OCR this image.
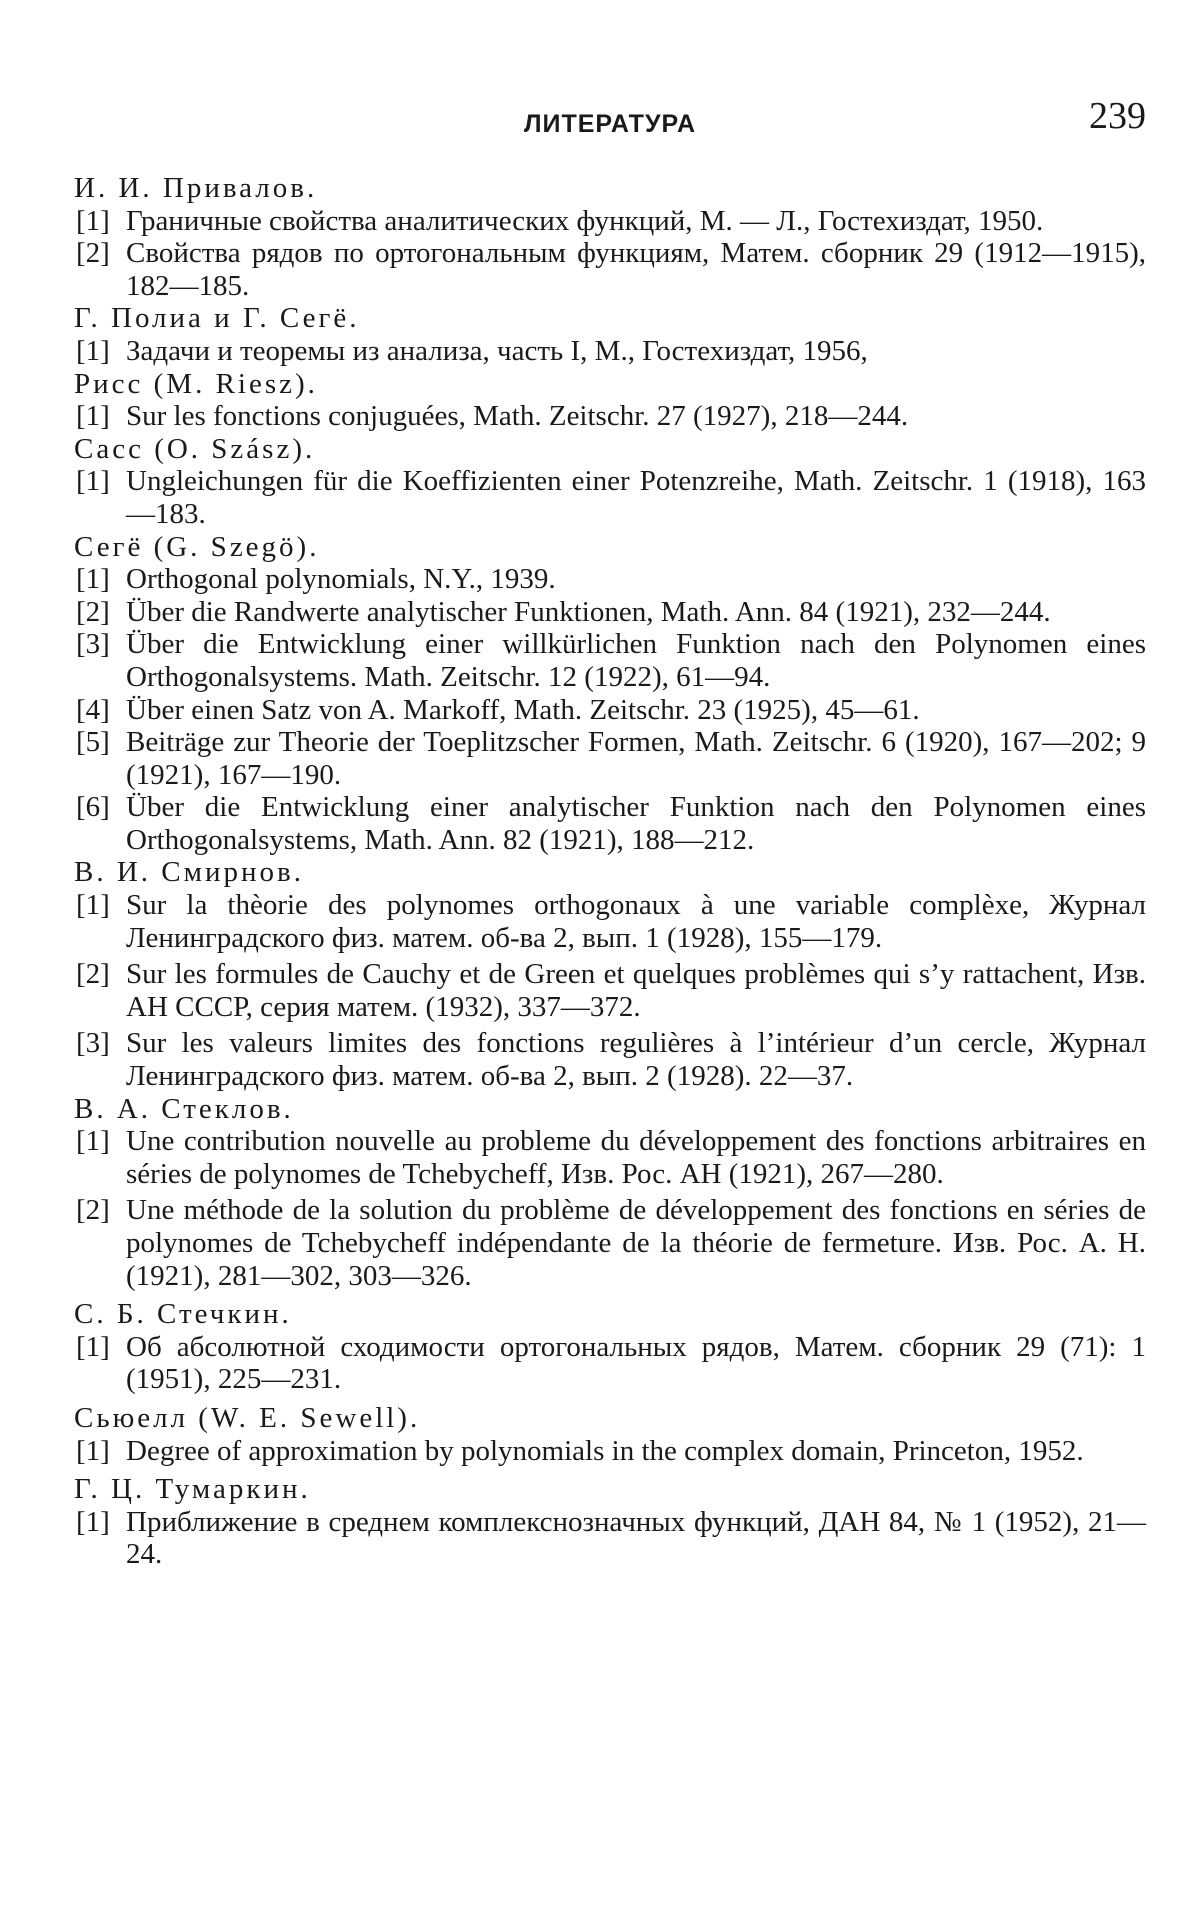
ЛИТЕРАТУРА	239
И. И. Привалов.
[1] Граничные свойства аналитических функций, М. — Л., Гостехиздат, 1950.
[2] Свойства рядов по ортогональным функциям, Матем. сборник 29 (1912—1915), 182—185.
Г. Полиа и Г. Сегё.
[1] Задачи и теоремы из анализа, часть I, М., Гостехиздат, 1956,
Рисс (M. Riesz).
[1] Sur les fonctions conjuguées, Math. Zeitschr. 27 (1927), 218—244.
Сасс (O. Szász).
[1] Ungleichungen für die Koeffizienten einer Potenzreihe, Math. Zeitschr. 1 (1918), 163—183.
Сегё (G. Szegö).
[1] Orthogonal polynomials, N.Y., 1939.
[2] Über die Randwerte analytischer Funktionen, Math. Ann. 84 (1921), 232—244.
[3] Über die Entwicklung einer willkürlichen Funktion nach den Polynomen eines Orthogonalsystems. Math. Zeitschr. 12 (1922), 61—94.
[4] Über einen Satz von A. Markoff, Math. Zeitschr. 23 (1925), 45—61.
[5] Beiträge zur Theorie der Toeplitzscher Formen, Math. Zeitschr. 6 (1920), 167—202; 9 (1921), 167—190.
[6] Über die Entwicklung einer analytischer Funktion nach den Polynomen eines Orthogonalsystems, Math. Ann. 82 (1921), 188—212.
В. И. Смирнов.
[1] Sur la thèorie des polynomes orthogonaux à une variable complèxe, Журнал Ленинградского физ. матем. об-ва 2, вып. 1 (1928), 155—179.
[2] Sur les formules de Cauchy et de Green et quelques problèmes qui s’y rattachent, Изв. АН СССР, серия матем. (1932), 337—372.
[3] Sur les valeurs limites des fonctions regulières à l’intérieur d’un cercle, Журнал Ленинградского физ. матем. об-ва 2, вып. 2 (1928). 22—37.
В. А. Стеклов.
[1] Une contribution nouvelle au probleme du développement des fonctions arbitraires en séries de polynomes de Tchebycheff, Изв. Рос. АН (1921), 267—280.
[2] Une méthode de la solution du problème de développement des fonctions en séries de polynomes de Tchebycheff indépendante de la théorie de fermeture. Изв. Рос. А. Н. (1921), 281—302, 303—326.
С. Б. Стечкин.
[1] Об абсолютной сходимости ортогональных рядов, Матем. сборник 29 (71): 1 (1951), 225—231.
Сьюелл (W. E. Sewell).
[1] Degree of approximation by polynomials in the complex domain, Princeton, 1952.
Г. Ц. Тумаркин.
[1] Приближение в среднем комплекснозначных функций, ДАН 84, № 1 (1952), 21—24.
